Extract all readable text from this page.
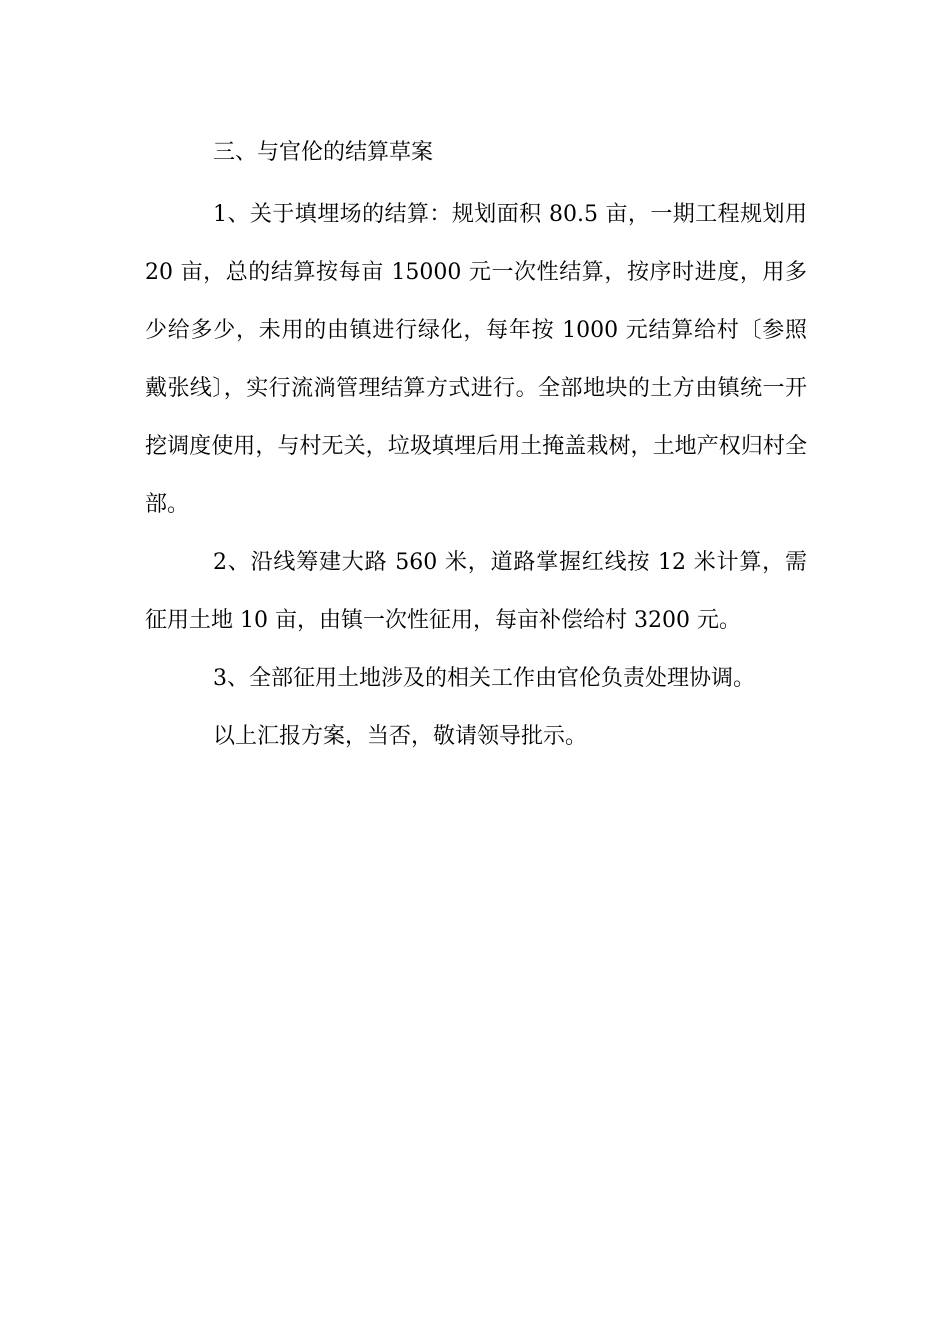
三、与官伦的结算草案

1、关于填埋场的结算：规划面积 80.5 亩，一期工程规划用 20 亩，总的结算按每亩 15000 元一次性结算，按序时进度，用多少给多少，未用的由镇进行绿化，每年按 1000 元结算给村〔参照戴张线〕，实行流淌管理结算方式进行。全部地块的土方由镇统一开挖调度使用，与村无关，垃圾填埋后用土掩盖栽树，土地产权归村全部。

2、沿线筹建大路 560 米，道路掌握红线按 12 米计算，需征用土地 10 亩，由镇一次性征用，每亩补偿给村 3200 元。

3、全部征用土地涉及的相关工作由官伦负责处理协调。

以上汇报方案，当否，敬请领导批示。
